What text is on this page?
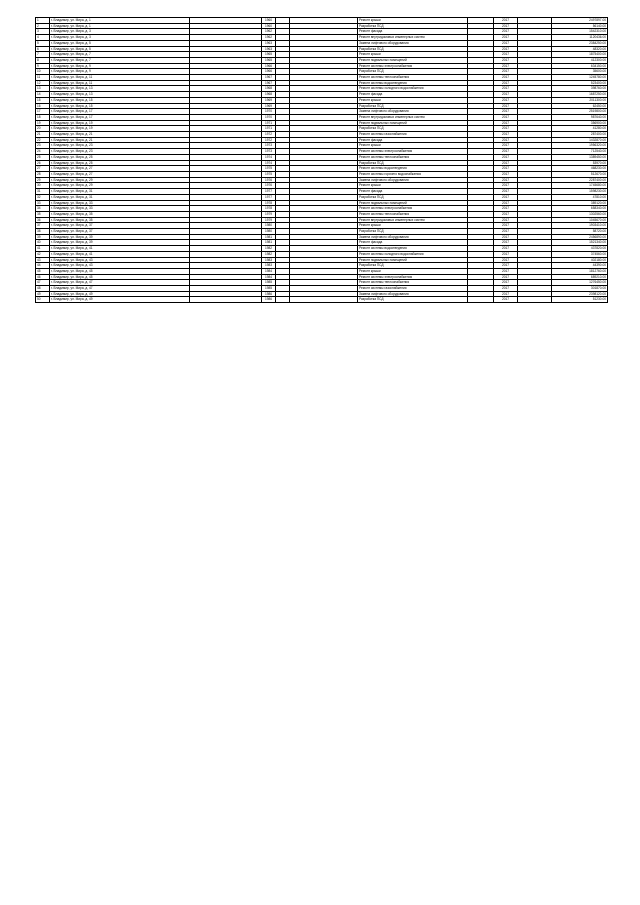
1	г. Владимир, ул. Мира, д. 1		1960			Ремонт крыши		2017		2497897.00
2	г. Владимир, ул. Мира, д. 1		1960			Разработка ПСД		2017		56140.00
3	г. Владимир, ул. Мира, д. 3		1962			Ремонт фасада		2017		1542310.00
4	г. Владимир, ул. Мира, д. 3		1962			Ремонт внутридомовых инженерных систем		2017		1120436.00
5	г. Владимир, ул. Мира, д. 5		1963			Замена лифтового оборудования		2017		2384250.00
6	г. Владимир, ул. Мира, д. 5		1963			Разработка ПСД		2017		48320.00
7	г. Владимир, ул. Мира, д. 7		1965			Ремонт крыши		2017		1875400.00
8	г. Владимир, ул. Мира, д. 7		1965			Ремонт подвальных помещений		2017		412300.00
9	г. Владимир, ул. Мира, д. 9		1966			Ремонт системы электроснабжения		2017		634150.00
10	г. Владимир, ул. Мира, д. 9		1966			Разработка ПСД		2017		35600.00
11	г. Владимир, ул. Мира, д. 11		1967			Ремонт системы теплоснабжения		2017		1245780.00
12	г. Владимир, ул. Мира, д. 11		1967			Ремонт системы водоотведения		2017		523400.00
13	г. Владимир, ул. Мира, д. 13		1968			Ремонт системы холодного водоснабжения		2017		398760.00
14	г. Владимир, ул. Мира, д. 13		1968			Ремонт фасада		2017		1687250.00
15	г. Владимир, ул. Мира, д. 15		1969			Ремонт крыши		2017		2011300.00
16	г. Владимир, ул. Мира, д. 15		1969			Разработка ПСД		2017		62450.00
17	г. Владимир, ул. Мира, д. 17		1970			Замена лифтового оборудования		2017		2519800.00
18	г. Владимир, ул. Мира, д. 17		1970			Ремонт внутридомовых инженерных систем		2017		987640.00
19	г. Владимир, ул. Мира, д. 19		1971			Ремонт подвальных помещений		2017		356900.00
20	г. Владимир, ул. Мира, д. 19		1971			Разработка ПСД		2017		41280.00
21	г. Владимир, ул. Мира, д. 21		1972			Ремонт системы газоснабжения		2017		287400.00
22	г. Владимир, ул. Мира, д. 21		1972			Ремонт фасада		2017		1432870.00
23	г. Владимир, ул. Мира, д. 23		1973			Ремонт крыши		2017		1956320.00
24	г. Владимир, ул. Мира, д. 23		1973			Ремонт системы электроснабжения		2017		712540.00
25	г. Владимир, ул. Мира, д. 25		1974			Ремонт системы теплоснабжения		2017		1389450.00
26	г. Владимир, ул. Мира, д. 25		1974			Разработка ПСД		2017		53970.00
27	г. Владимир, ул. Мира, д. 27		1975			Ремонт системы водоотведения		2017		468230.00
28	г. Владимир, ул. Мира, д. 27		1975			Ремонт системы горячего водоснабжения		2017		512670.00
29	г. Владимир, ул. Мира, д. 29		1976			Замена лифтового оборудования		2017		2287400.00
30	г. Владимир, ул. Мира, д. 29		1976			Ремонт крыши		2017		1745680.00
31	г. Владимир, ул. Мира, д. 31		1977			Ремонт фасада		2017		1598230.00
32	г. Владимир, ул. Мира, д. 31		1977			Разработка ПСД		2017		47810.00
33	г. Владимир, ул. Мира, д. 33		1978			Ремонт подвальных помещений		2017		389120.00
34	г. Владимир, ул. Мира, д. 33		1978			Ремонт системы электроснабжения		2017		658340.00
35	г. Владимир, ул. Мира, д. 35		1979			Ремонт системы теплоснабжения		2017		1302560.00
36	г. Владимир, ул. Мира, д. 35		1979			Ремонт внутридомовых инженерных систем		2017		1045670.00
37	г. Владимир, ул. Мира, д. 37		1980			Ремонт крыши		2017		1903410.00
38	г. Владимир, ул. Мира, д. 37		1980			Разработка ПСД		2017		58720.00
39	г. Владимир, ул. Мира, д. 39		1981			Замена лифтового оборудования		2017		2456890.00
40	г. Владимир, ул. Мира, д. 39		1981			Ремонт фасада		2017		1521340.00
41	г. Владимир, ул. Мира, д. 41		1982			Ремонт системы водоотведения		2017		437820.00
42	г. Владимир, ул. Мира, д. 41		1982			Ремонт системы холодного водоснабжения		2017		374560.00
43	г. Владимир, ул. Мира, д. 43		1983			Ремонт подвальных помещений		2017		402180.00
44	г. Владимир, ул. Мира, д. 43		1983			Разработка ПСД		2017		44390.00
45	г. Владимир, ул. Мира, д. 45		1984			Ремонт крыши		2017		1812760.00
46	г. Владимир, ул. Мира, д. 45		1984			Ремонт системы электроснабжения		2017		689210.00
47	г. Владимир, ул. Мира, д. 47		1985			Ремонт системы теплоснабжения		2017		1276450.00
48	г. Владимир, ул. Мира, д. 47		1985			Ремонт системы газоснабжения		2017		301870.00
49	г. Владимир, ул. Мира, д. 49		1986			Замена лифтового оборудования		2017		2398120.00
50	г. Владимир, ул. Мира, д. 49		1986			Разработка ПСД		2017		51230.00
